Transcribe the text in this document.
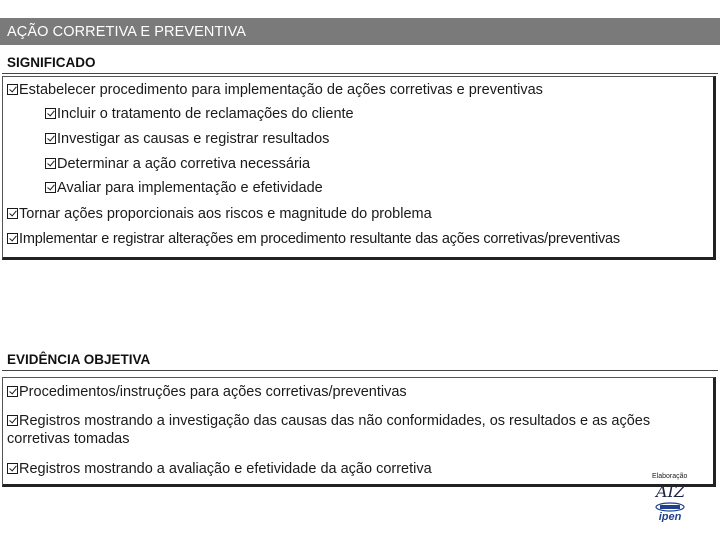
AÇÃO CORRETIVA E PREVENTIVA
SIGNIFICADO
Estabelecer procedimento para implementação de ações corretivas e preventivas
Incluir o tratamento de reclamações do cliente
Investigar as causas e registrar resultados
Determinar a ação corretiva necessária
Avaliar para implementação e efetividade
Tornar ações proporcionais aos riscos e magnitude do problema
Implementar e registrar alterações em procedimento resultante das ações corretivas/preventivas
EVIDÊNCIA OBJETIVA
Procedimentos/instruções para ações corretivas/preventivas
Registros mostrando a investigação das causas das não conformidades, os resultados e as ações corretivas tomadas
Registros mostrando a avaliação e efetividade da ação corretiva	Elaboração
AIZ
ipen
